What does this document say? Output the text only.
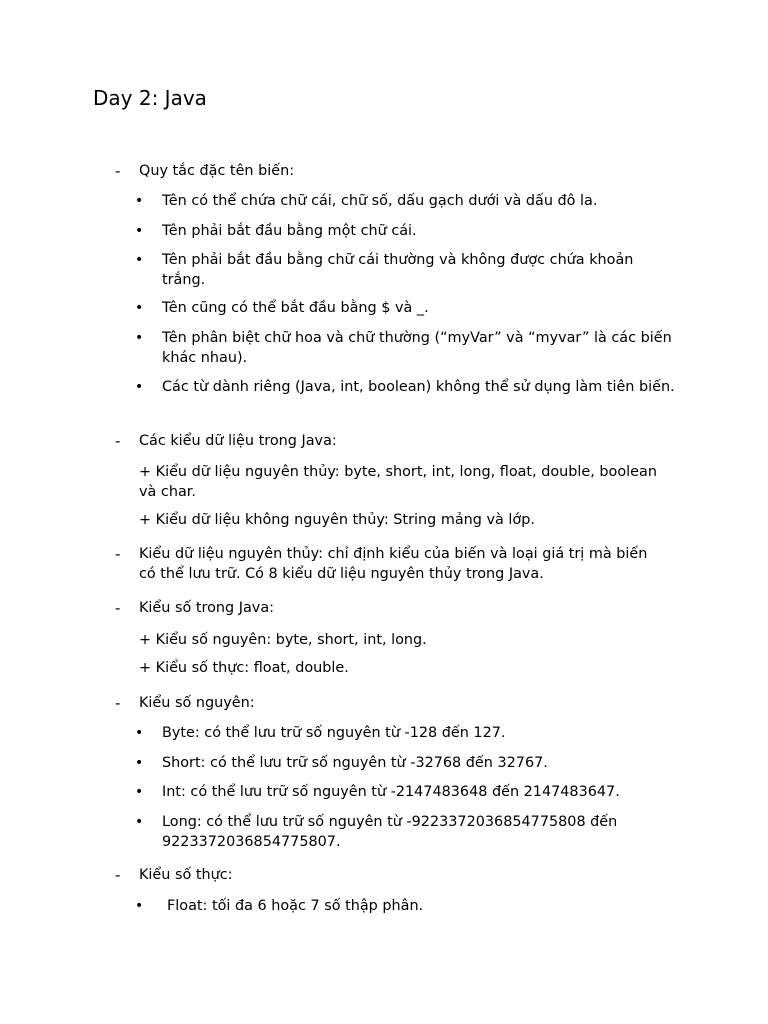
Day 2: Java
- Quy tắc đặc tên biến:
• Tên có thể chứa chữ cái, chữ số, dấu gạch dưới và dấu đô la.
• Tên phải bắt đầu bằng một chữ cái.
• Tên phải bắt đầu bằng chữ cái thường và không được chứa khoản trắng.
• Tên cũng có thể bắt đầu bằng $ và _.
• Tên phân biệt chữ hoa và chữ thường (“myVar” và “myvar” là các biến khác nhau).
• Các từ dành riêng (Java, int, boolean) không thể sử dụng làm tiên biến.
- Các kiểu dữ liệu trong Java:
+ Kiểu dữ liệu nguyên thủy: byte, short, int, long, float, double, boolean và char.
+ Kiểu dữ liệu không nguyên thủy: String mảng và lớp.
- Kiểu dữ liệu nguyên thủy: chỉ định kiểu của biến và loại giá trị mà biến có thể lưu trữ. Có 8 kiểu dữ liệu nguyên thủy trong Java.
- Kiểu số trong Java:
+ Kiểu số nguyên: byte, short, int, long.
+ Kiểu số thực: float, double.
- Kiểu số nguyên:
• Byte: có thể lưu trữ số nguyên từ -128 đến 127.
• Short: có thể lưu trữ số nguyên từ -32768 đến 32767.
• Int: có thể lưu trữ số nguyên từ -2147483648 đến 2147483647.
• Long: có thể lưu trữ số nguyên từ -9223372036854775808 đến 9223372036854775807.
- Kiểu số thực:
• Float: tối đa 6 hoặc 7 số thập phân.
